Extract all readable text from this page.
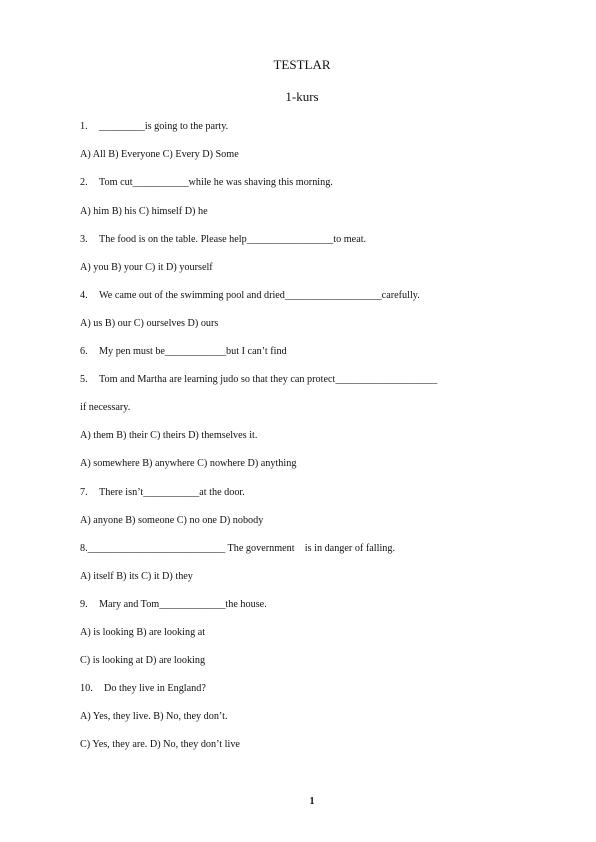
TESTLAR
1-kurs
1. _________is going to the party.
A) All B) Everyone C) Every D) Some
2. Tom cut___________while he was shaving this morning.
A) him B) his C) himself D) he
3. The food is on the table. Please help_________________to meat.
A) you B) your C) it D) yourself
4. We came out of the swimming pool and dried___________________carefully.
A) us B) our C) ourselves D) ours
6. My pen must be____________but I can’t find
5. Tom and Martha are learning judo so that they can protect____________________
if necessary.
A) them B) their C) theirs D) themselves it.
A) somewhere B) anywhere C) nowhere D) anything
7. There isn’t___________at the door.
A) anyone B) someone C) no one D) nobody
8.___________________________ The government    is in danger of falling.
A) itself B) its C) it D) they
9. Mary and Tom_____________the house.
A) is looking B) are looking at
C) is looking at D) are looking
10. Do they live in England?
A) Yes, they live. B) No, they don’t.
C) Yes, they are. D) No, they don’t live
1
